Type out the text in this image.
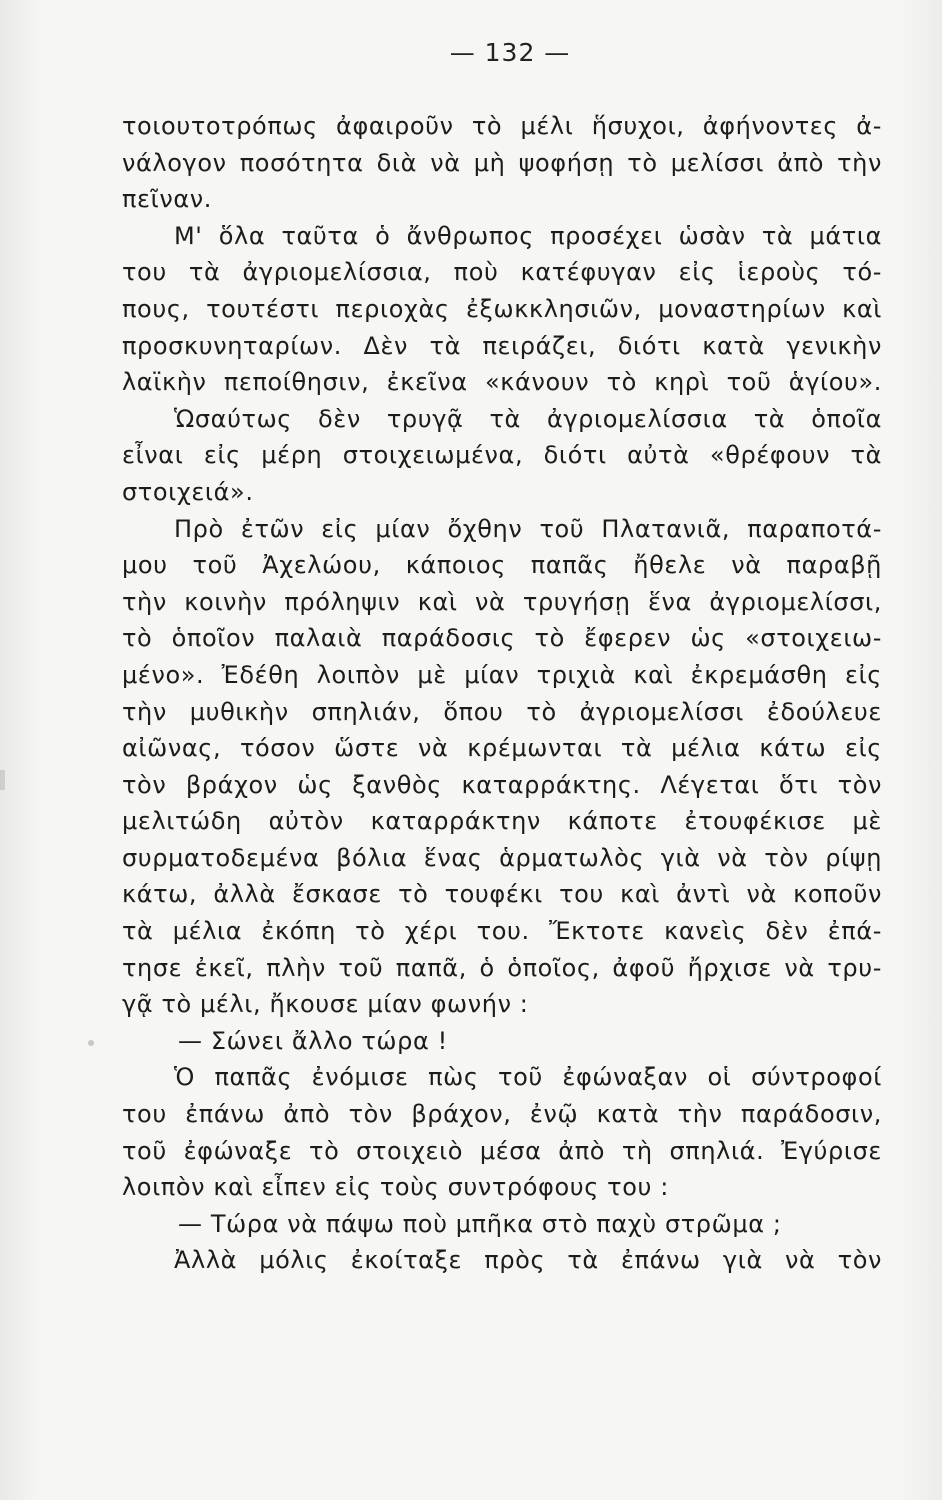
— 132 —
τοιουτοτρόπως ἀφαιροῦν τὸ μέλι ἥσυχοι, ἀφήνοντες ἀ-
νάλογον ποσότητα διὰ νὰ μὴ ψοφήσῃ τὸ μελίσσι ἀπὸ τὴν
πεῖναν.
Μ' ὅλα ταῦτα ὁ ἄνθρωπος προσέχει ὡσὰν τὰ μάτια
του τὰ ἀγριομελίσσια, ποὺ κατέφυγαν εἰς ἱεροὺς τό-
πους, τουτέστι περιοχὰς ἐξωκκλησιῶν, μοναστηρίων καὶ
προσκυνηταρίων. Δὲν τὰ πειράζει, διότι κατὰ γενικὴν
λαϊκὴν πεποίθησιν, ἐκεῖνα «κάνουν τὸ κηρὶ τοῦ ἁγίου».
Ὡσαύτως δὲν τρυγᾷ τὰ ἀγριομελίσσια τὰ ὁποῖα
εἶναι εἰς μέρη στοιχειωμένα, διότι αὐτὰ «θρέφουν τὰ
στοιχειά».
Πρὸ ἐτῶν εἰς μίαν ὄχθην τοῦ Πλατανιᾶ, παραποτά-
μου τοῦ Ἀχελώου, κάποιος παπᾶς ἤθελε νὰ παραβῇ
τὴν κοινὴν πρόληψιν καὶ νὰ τρυγήσῃ ἕνα ἀγριομελίσσι,
τὸ ὁποῖον παλαιὰ παράδοσις τὸ ἔφερεν ὡς «στοιχειω-
μένο». Ἐδέθη λοιπὸν μὲ μίαν τριχιὰ καὶ ἐκρεμάσθη εἰς
τὴν μυθικὴν σπηλιάν, ὅπου τὸ ἀγριομελίσσι ἐδούλευε
αἰῶνας, τόσον ὥστε νὰ κρέμωνται τὰ μέλια κάτω εἰς
τὸν βράχον ὡς ξανθὸς καταρράκτης. Λέγεται ὅτι τὸν
μελιτώδη αὐτὸν καταρράκτην κάποτε ἐτουφέκισε μὲ
συρματοδεμένα βόλια ἕνας ἁρματωλὸς γιὰ νὰ τὸν ρίψῃ
κάτω, ἀλλὰ ἔσκασε τὸ τουφέκι του καὶ ἀντὶ νὰ κοποῦν
τὰ μέλια ἐκόπη τὸ χέρι του. Ἔκτοτε κανεὶς δὲν ἐπά-
τησε ἐκεῖ, πλὴν τοῦ παπᾶ, ὁ ὁποῖος, ἀφοῦ ἤρχισε νὰ τρυ-
γᾷ τὸ μέλι, ἤκουσε μίαν φωνήν :
— Σώνει ἄλλο τώρα !
Ὁ παπᾶς ἐνόμισε πὼς τοῦ ἐφώναξαν οἱ σύντροφοί
του ἐπάνω ἀπὸ τὸν βράχον, ἐνῷ κατὰ τὴν παράδοσιν,
τοῦ ἐφώναξε τὸ στοιχειὸ μέσα ἀπὸ τὴ σπηλιά. Ἐγύρισε
λοιπὸν καὶ εἶπεν εἰς τοὺς συντρόφους του :
— Τώρα νὰ πάψω ποὺ μπῆκα στὸ παχὺ στρῶμα ;
Ἀλλὰ μόλις ἐκοίταξε πρὸς τὰ ἐπάνω γιὰ νὰ τὸν
